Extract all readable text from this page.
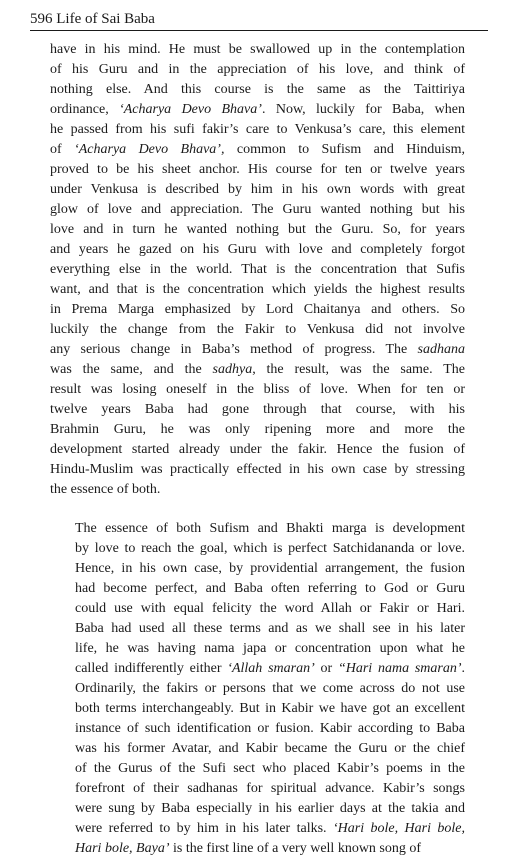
596 Life of Sai Baba

have in his mind. He must be swallowed up in the contemplation
of his Guru and in the appreciation of his love, and think of
nothing else. And this course is the same as the Taittiriya
ordinance, ‘Acharya Devo Bhava’. Now, luckily for Baba, when
he passed from his sufi fakir’s care to Venkusa’s care, this element
of ‘Acharya Devo Bhava’, common to Sufism and Hinduism,
proved to be his sheet anchor. His course for ten or twelve years
under Venkusa is described by him in his own words with great
glow of love and appreciation. The Guru wanted nothing but his
love and in turn he wanted nothing but the Guru. So, for years
and years he gazed on his Guru with love and completely forgot
everything else in the world. That is the concentration that Sufis
want, and that is the concentration which yields the highest results
in Prema Marga emphasized by Lord Chaitanya and others. So
luckily the change from the Fakir to Venkusa did not involve
any serious change in Baba’s method of progress. The sadhana
was the same, and the sadhya, the result, was the same. The
result was losing oneself in the bliss of love. When for ten or
twelve years Baba had gone through that course, with his
Brahmin Guru, he was only ripening more and more the
development started already under the fakir. Hence the fusion of
Hindu-Muslim was practically effected in his own case by stressing
the essence of both.

The essence of both Sufism and Bhakti marga is development
by love to reach the goal, which is perfect Satchidananda or love.
Hence, in his own case, by providential arrangement, the fusion
had become perfect, and Baba often referring to God or Guru
could use with equal felicity the word Allah or Fakir or Hari.
Baba had used all these terms and as we shall see in his later
life, he was having nama japa or concentration upon what he
called indifferently either ‘Allah smaran’ or “Hari nama smaran’.
Ordinarily, the fakirs or persons that we come across do not use
both terms interchangeably. But in Kabir we have got an excellent
instance of such identification or fusion. Kabir according to Baba
was his former Avatar, and Kabir became the Guru or the chief
of the Gurus of the Sufi sect who placed Kabir’s poems in the
forefront of their sadhanas for spiritual advance. Kabir’s songs
were sung by Baba especially in his earlier days at the takia and
were referred to by him in his later talks. ‘Hari bole, Hari bole,
Hari bole, Baya’ is the first line of a very well known song of
